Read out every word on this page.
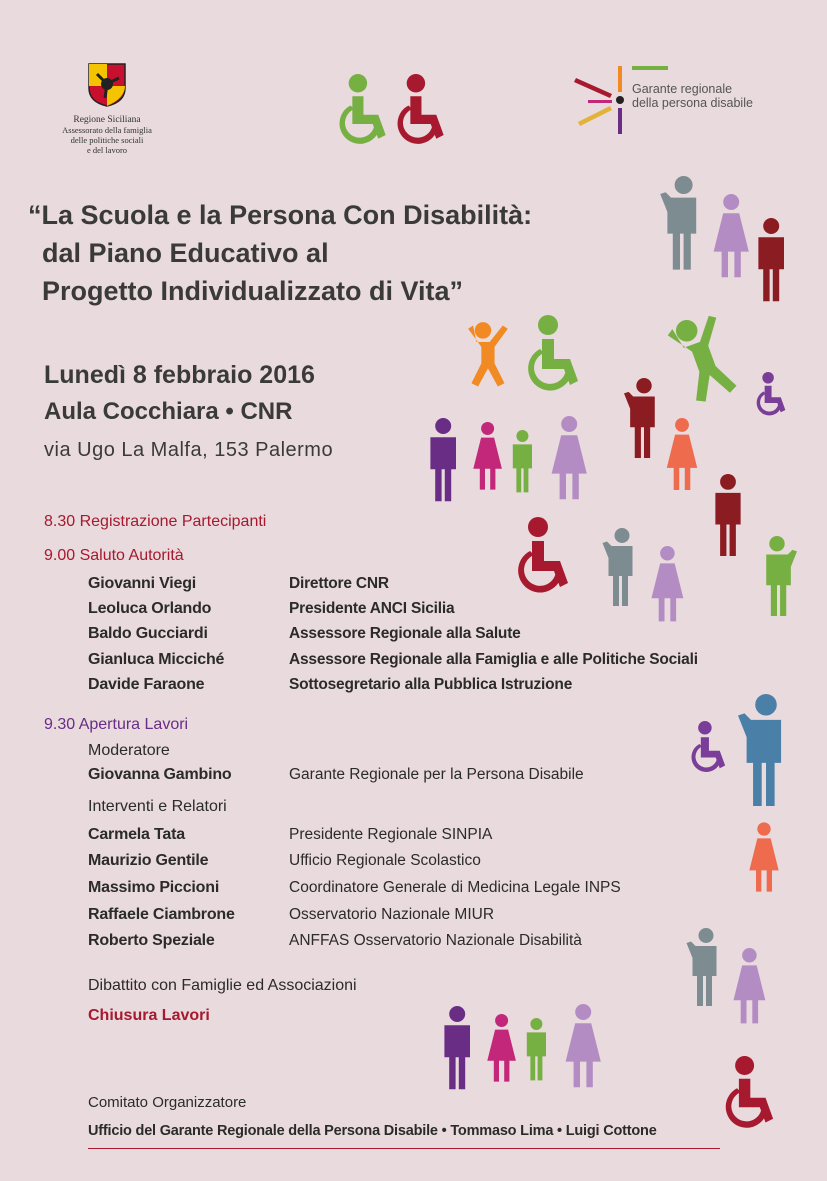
Regione Siciliana
Assessorato della famiglia
delle politiche sociali
e del lavoro
Garante regionale
della persona disabile
“La Scuola e la Persona Con Disabilità:
dal Piano Educativo al
Progetto Individualizzato di Vita”
Lunedì 8 febbraio 2016
Aula Cocchiara • CNR
via Ugo La Malfa, 153 Palermo
8.30 Registrazione Partecipanti
9.00 Saluto Autorità
Giovanni Viegi	Direttore CNR
Leoluca Orlando	Presidente ANCI Sicilia
Baldo Gucciardi	Assessore Regionale alla Salute
Gianluca Micciché	Assessore Regionale alla Famiglia e alle Politiche Sociali
Davide Faraone	Sottosegretario alla Pubblica Istruzione
9.30 Apertura Lavori
Moderatore
Giovanna Gambino	Garante Regionale per la Persona Disabile
Interventi e Relatori
Carmela Tata	Presidente Regionale SINPIA
Maurizio Gentile	Ufficio Regionale Scolastico
Massimo Piccioni	Coordinatore Generale di Medicina Legale INPS
Raffaele Ciambrone	Osservatorio Nazionale MIUR
Roberto Speziale	ANFFAS Osservatorio Nazionale Disabilità
Dibattito con Famiglie ed Associazioni
Chiusura Lavori
Comitato Organizzatore
Ufficio del Garante Regionale della Persona Disabile • Tommaso Lima • Luigi Cottone
